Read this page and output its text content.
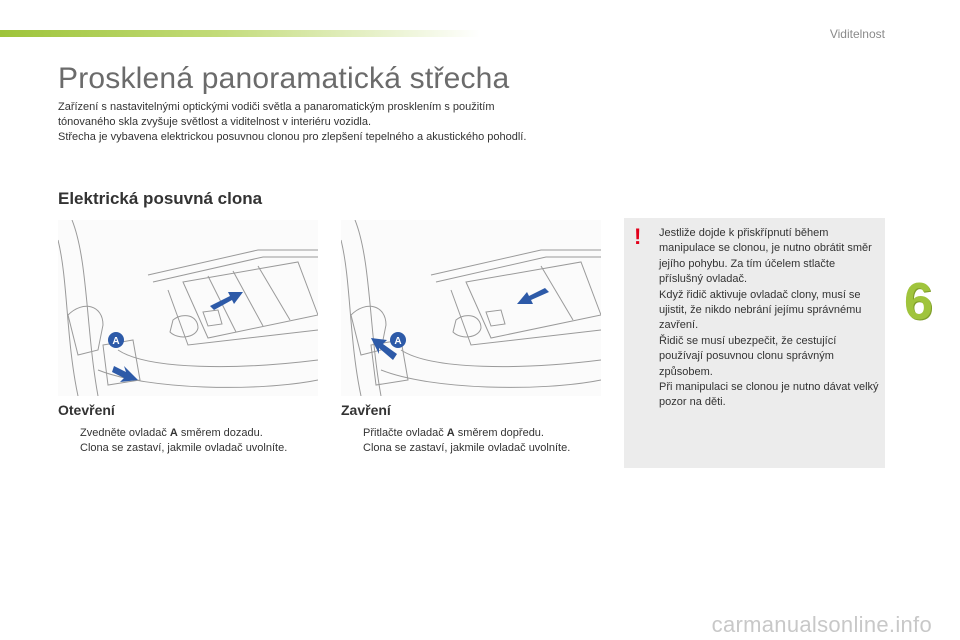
Viditelnost
Prosklená panoramatická střecha

Zařízení s nastavitelnými optickými vodiči světla a panaromatickým prosklením s použitím

tónovaného skla zvyšuje světlost a viditelnost v interiéru vozidla.

Střecha je vybavena elektrickou posuvnou clonou pro zlepšení tepelného a akustického pohodlí.

Elektrická posuvná clona
A	A
Otevření
Zvedněte ovladač A směrem dozadu.
Clona se zastaví, jakmile ovladač uvolníte.
Zavření
Přitlačte ovladač A směrem dopředu.
Clona se zastaví, jakmile ovladač uvolníte.
! Jestliže dojde k přiskřípnutí během manipulace se clonou, je nutno obrátit směr jejího pohybu. Za tím účelem stlačte příslušný ovladač.
Když řidič aktivuje ovladač clony, musí se ujistit, že nikdo nebrání jejímu správnému zavření.
Řidič se musí ubezpečit, že cestující používají posuvnou clonu správným způsobem.
Při manipulaci se clonou je nutno dávat velký pozor na děti.

6
carmanualsonline.info
